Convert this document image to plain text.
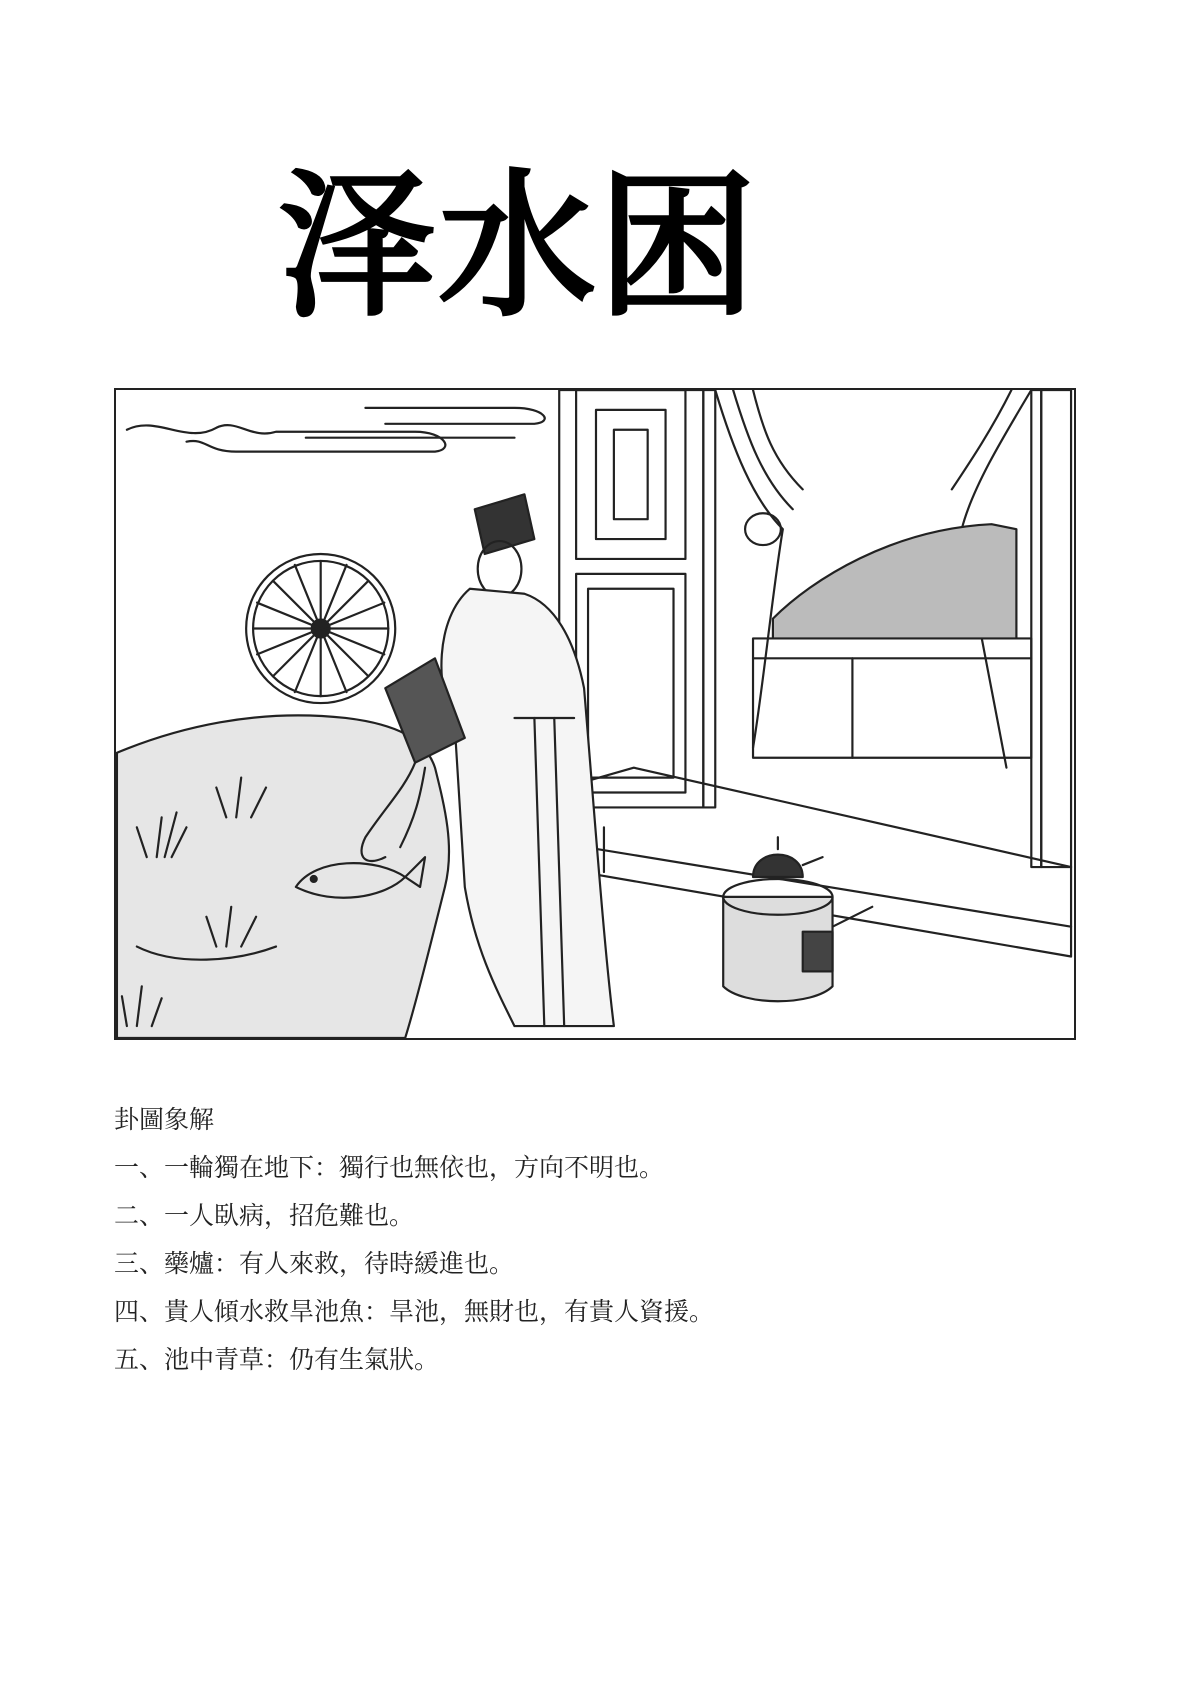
泽水困
卦圖象解
一、一輪獨在地下：獨行也無依也，方向不明也。
二、一人臥病，招危難也。
三、藥爐：有人來救，待時緩進也。
四、貴人傾水救旱池魚：旱池，無財也，有貴人資援。
五、池中青草：仍有生氣狀。
